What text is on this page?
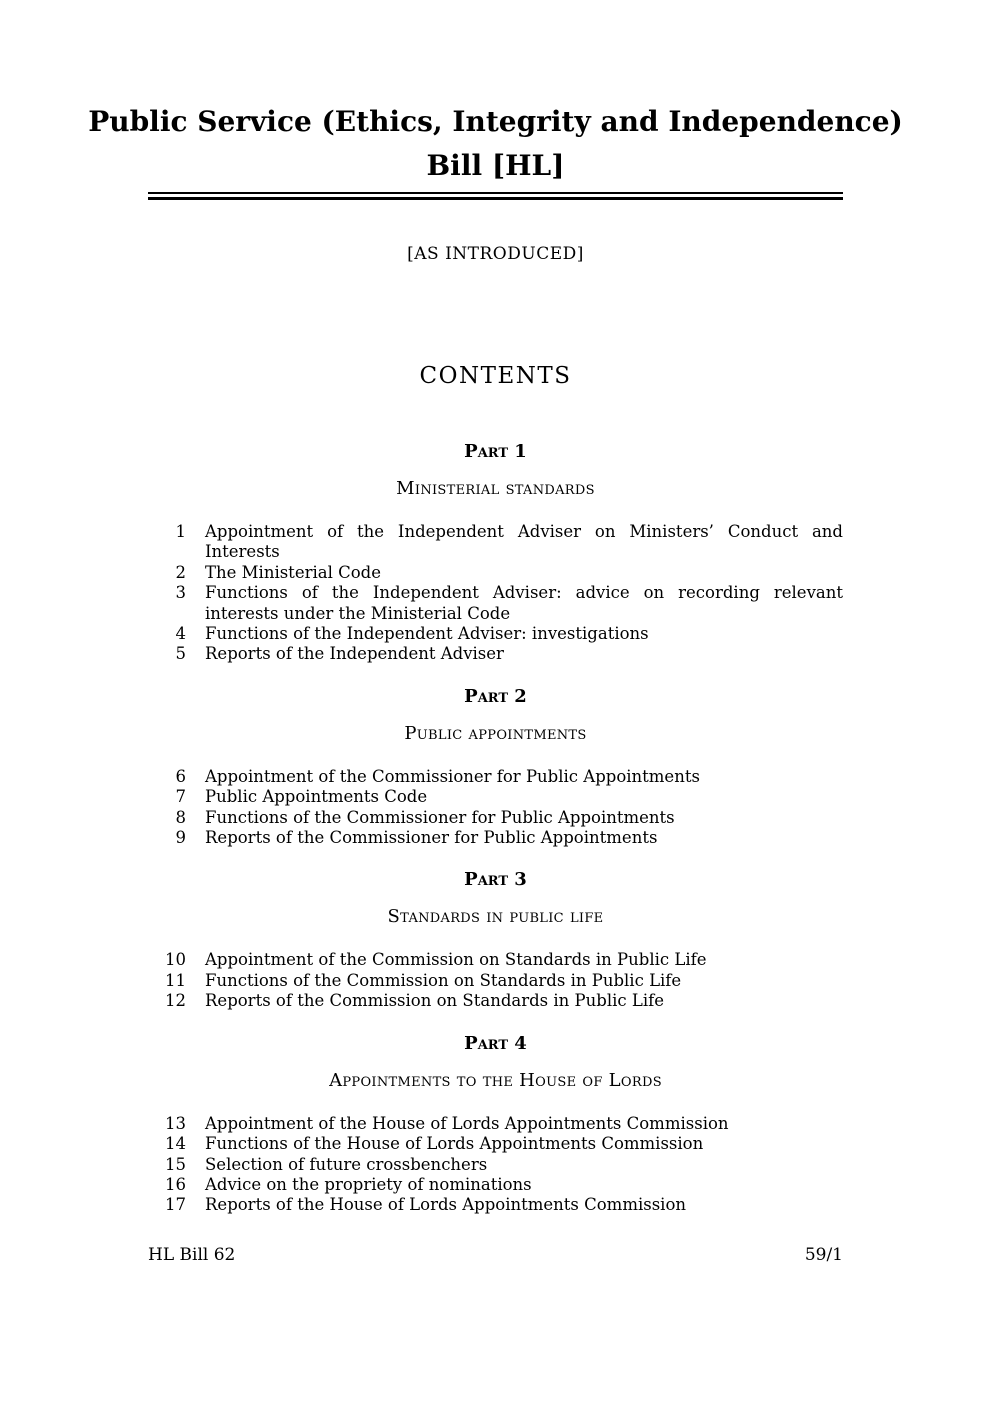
Public Service (Ethics, Integrity and Independence)
Bill [HL]
[AS INTRODUCED]
CONTENTS
Part 1
Ministerial standards
1 Appointment of the Independent Adviser on Ministers’ Conduct and Interests
2 The Ministerial Code
3 Functions of the Independent Adviser: advice on recording relevant interests under the Ministerial Code
4 Functions of the Independent Adviser: investigations
5 Reports of the Independent Adviser
Part 2
Public appointments
6 Appointment of the Commissioner for Public Appointments
7 Public Appointments Code
8 Functions of the Commissioner for Public Appointments
9 Reports of the Commissioner for Public Appointments
Part 3
Standards in public life
10 Appointment of the Commission on Standards in Public Life
11 Functions of the Commission on Standards in Public Life
12 Reports of the Commission on Standards in Public Life
Part 4
Appointments to the House of Lords
13 Appointment of the House of Lords Appointments Commission
14 Functions of the House of Lords Appointments Commission
15 Selection of future crossbenchers
16 Advice on the propriety of nominations
17 Reports of the House of Lords Appointments Commission
HL Bill 62	59/1
